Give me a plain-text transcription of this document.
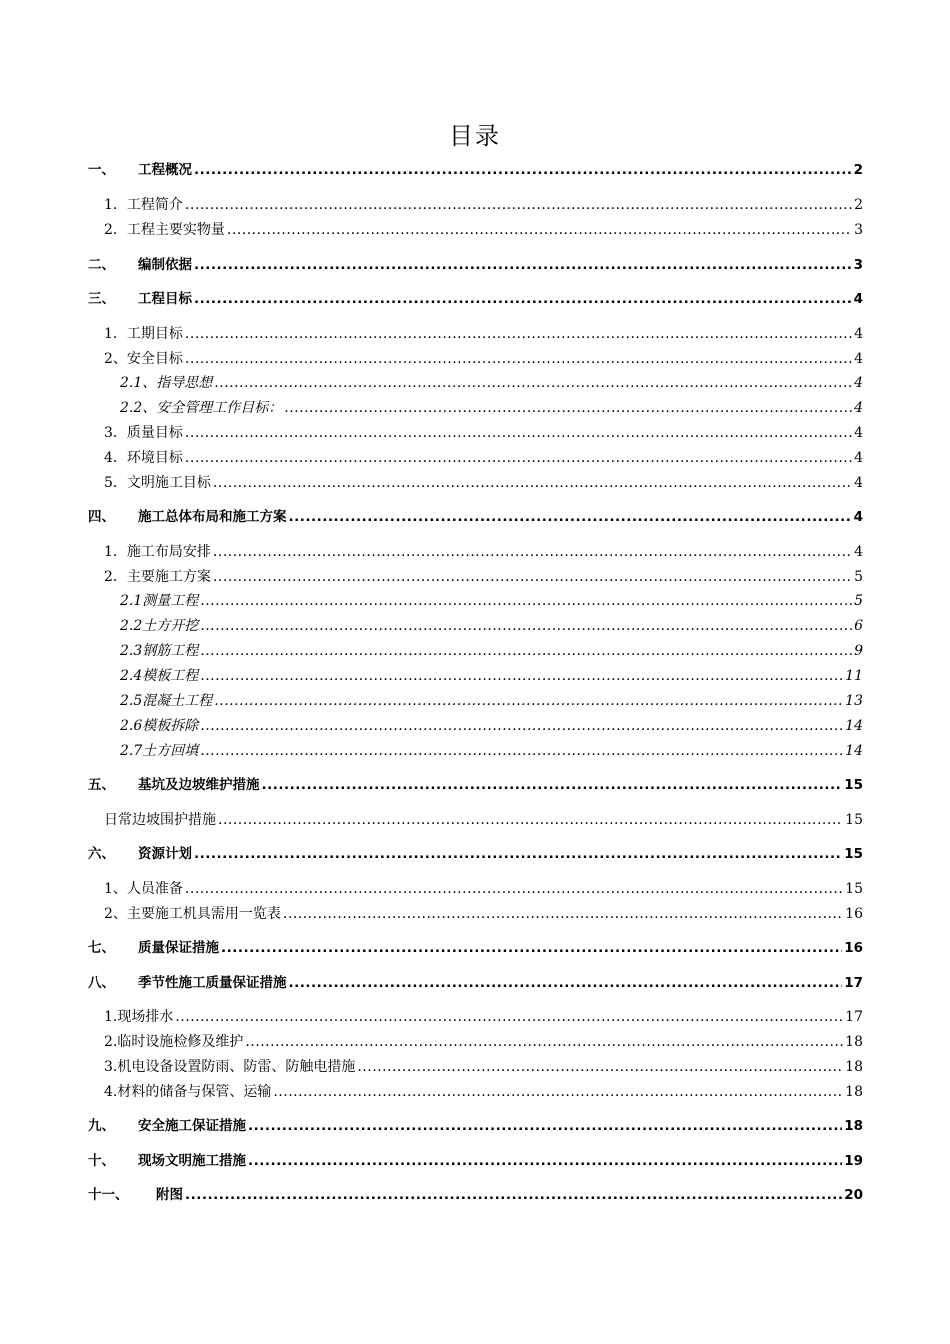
目录
一、	工程概况 .....	2
1．工程简介 .....	2
2．工程主要实物量 .....	3
二、	编制依据 .....	3
三、	工程目标 .....	4
1．工期目标 .....	4
2、安全目标 .....	4
2.1、指导思想 .....	4
2.2、安全管理工作目标： .....	4
3．质量目标 .....	4
4．环境目标 .....	4
5．文明施工目标 .....	4
四、	施工总体布局和施工方案 .....	4
1．施工布局安排 .....	4
2．主要施工方案 .....	5
2.1测量工程 .....	5
2.2土方开挖 .....	6
2.3钢筋工程 .....	9
2.4模板工程 .....	11
2.5混凝土工程 .....	13
2.6模板拆除 .....	14
2.7土方回填 .....	14
五、	基坑及边坡维护措施 .....	15
日常边坡围护措施 .....	15
六、	资源计划 .....	15
1、人员准备 .....	15
2、主要施工机具需用一览表 .....	16
七、	质量保证措施 .....	16
八、	季节性施工质量保证措施 .....	17
1.现场排水 .....	17
2.临时设施检修及维护 .....	18
3.机电设备设置防雨、防雷、防触电措施 .....	18
4.材料的储备与保管、运输 .....	18
九、	安全施工保证措施 .....	18
十、	现场文明施工措施 .....	19
十一、	附图 .....	20
